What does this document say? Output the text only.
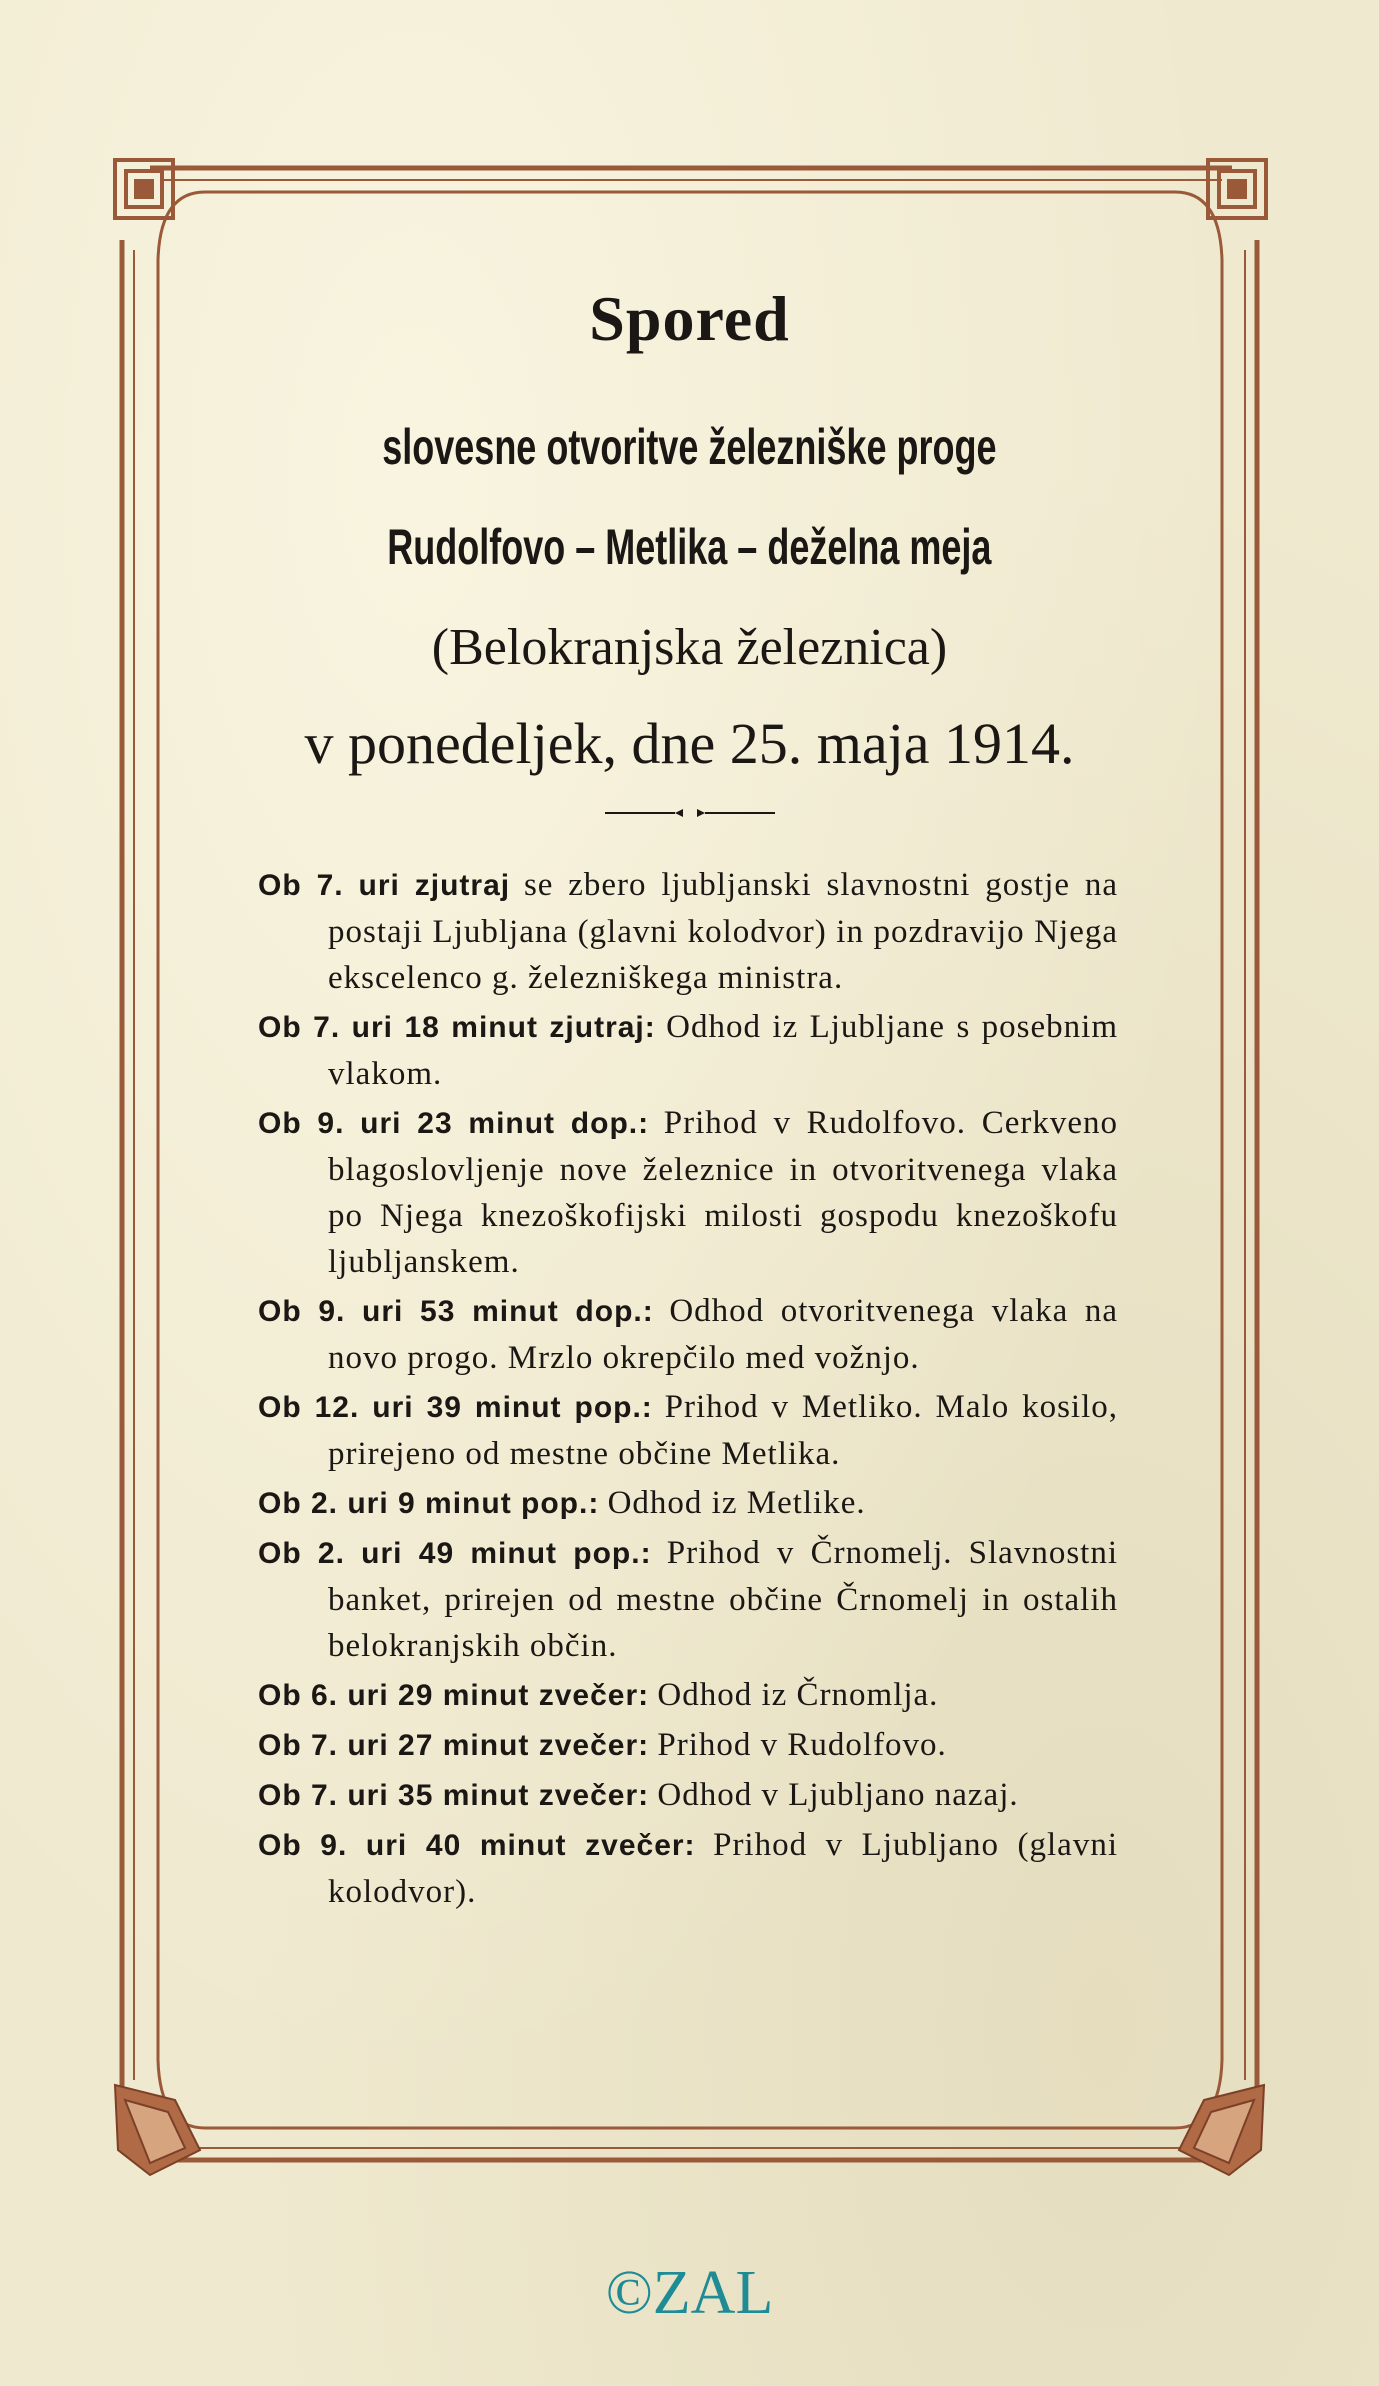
Spored
slovesne otvoritve železniške proge
Rudolfovo – Metlika – deželna meja
(Belokranjska železnica)
v ponedeljek, dne 25. maja 1914.
Ob 7. uri zjutraj se zbero ljubljanski slavnostni gostje na postaji Ljubljana (glavni kolodvor) in pozdravijo Njega ekscelenco g. železniškega ministra.
Ob 7. uri 18 minut zjutraj: Odhod iz Ljubljane s posebnim vlakom.
Ob 9. uri 23 minut dop.: Prihod v Rudolfovo. Cerkveno blagoslovljenje nove železnice in otvoritvenega vlaka po Njega knezoškofijski milosti gospodu knezoškofu ljubljanskem.
Ob 9. uri 53 minut dop.: Odhod otvoritvenega vlaka na novo progo. Mrzlo okrepčilo med vožnjo.
Ob 12. uri 39 minut pop.: Prihod v Metliko. Malo kosilo, prirejeno od mestne občine Metlika.
Ob 2. uri 9 minut pop.: Odhod iz Metlike.
Ob 2. uri 49 minut pop.: Prihod v Črnomelj. Slavnostni banket, prirejen od mestne občine Črnomelj in ostalih belokranjskih občin.
Ob 6. uri 29 minut zvečer: Odhod iz Črnomlja.
Ob 7. uri 27 minut zvečer: Prihod v Rudolfovo.
Ob 7. uri 35 minut zvečer: Odhod v Ljubljano nazaj.
Ob 9. uri 40 minut zvečer: Prihod v Ljubljano (glavni kolodvor).
©ZAL
